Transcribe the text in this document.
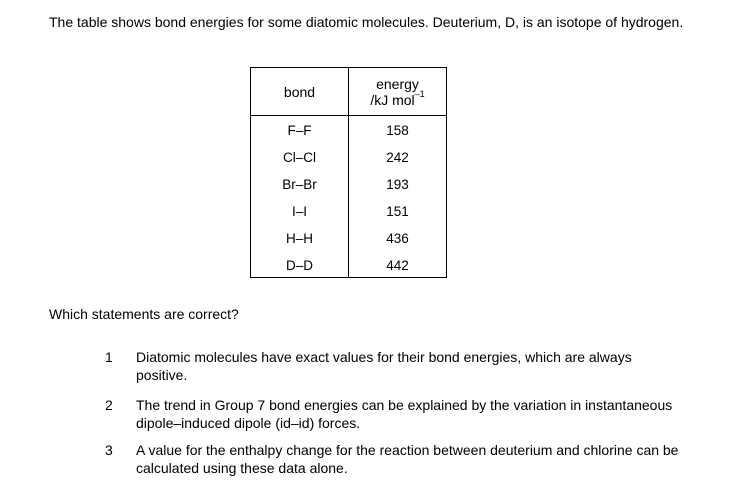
The table shows bond energies for some diatomic molecules. Deuterium, D, is an isotope of hydrogen.

bond	energy
/kJ mol$^{-1}$
F–F	158
Cl–Cl	242
Br–Br	193
I–I	151
H–H	436
D–D	442

Which statements are correct?

1 Diatomic molecules have exact values for their bond energies, which are always positive.

2 The trend in Group 7 bond energies can be explained by the variation in instantaneous dipole–induced dipole (id–id) forces.

3 A value for the enthalpy change for the reaction between deuterium and chlorine can be calculated using these data alone.
